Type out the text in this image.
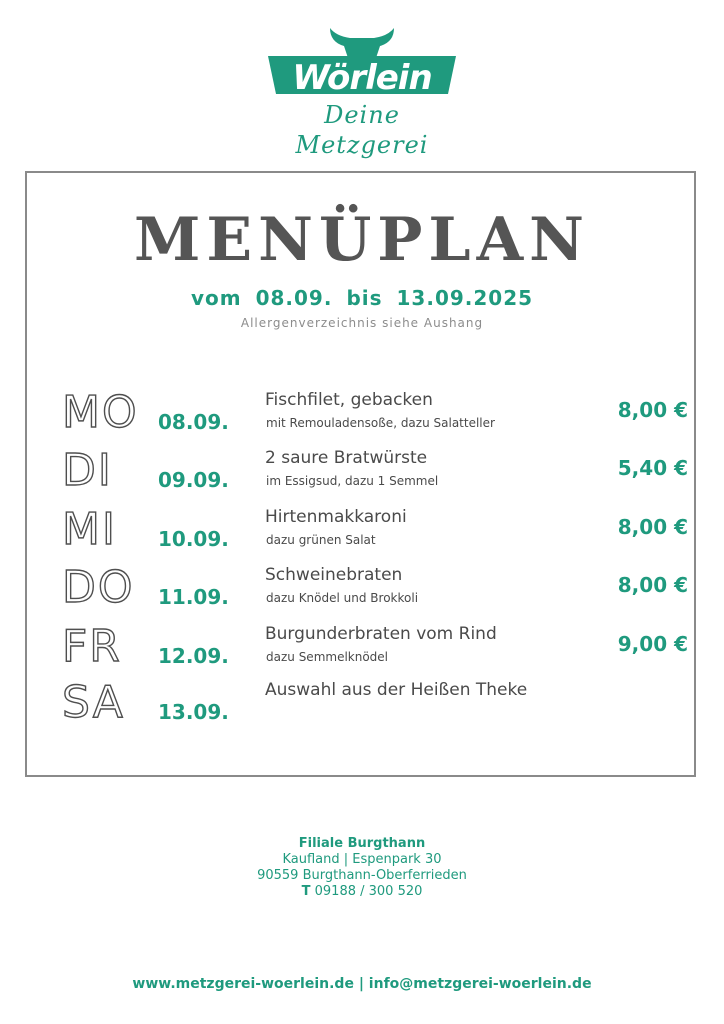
Wörlein
Deine Metzgerei
MENÜPLAN
vom 08.09. bis 13.09.2025
Allergenverzeichnis siehe Aushang
MO 08.09.
Fischfilet, gebacken
mit Remouladensoße, dazu Salatteller
8,00 €
DI 09.09.
2 saure Bratwürste
im Essigsud, dazu 1 Semmel
5,40 €
MI 10.09.
Hirtenmakkaroni
dazu grünen Salat
8,00 €
DO 11.09.
Schweinebraten
dazu Knödel und Brokkoli
8,00 €
FR 12.09.
Burgunderbraten vom Rind
dazu Semmelknödel
9,00 €
SA 13.09.
Auswahl aus der Heißen Theke
Filiale Burgthann
Kaufland | Espenpark 30
90559 Burgthann-Oberferrieden
T 09188 / 300 520
www.metzgerei-woerlein.de | info@metzgerei-woerlein.de
